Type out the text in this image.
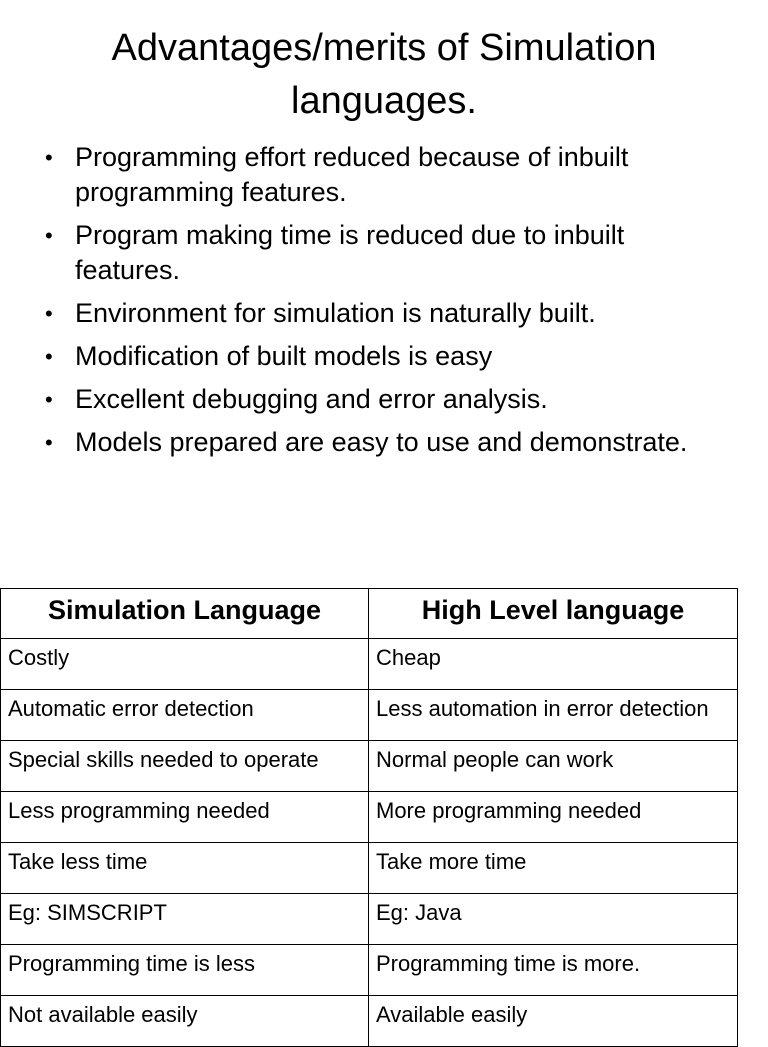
Advantages/merits of Simulation languages.
• Programming effort reduced because of inbuilt programming features.
• Program making time is reduced due to inbuilt features.
• Environment for simulation is naturally built.
• Modification of built models is easy
• Excellent debugging and error analysis.
• Models prepared are easy to use and demonstrate.
Simulation Language	High Level language
Costly	Cheap
Automatic error detection	Less automation in error detection
Special skills needed to operate	Normal people can work
Less programming needed	More programming needed
Take less time	Take more time
Eg: SIMSCRIPT	Eg: Java
Programming time is less	Programming time is more.
Not available easily	Available easily
